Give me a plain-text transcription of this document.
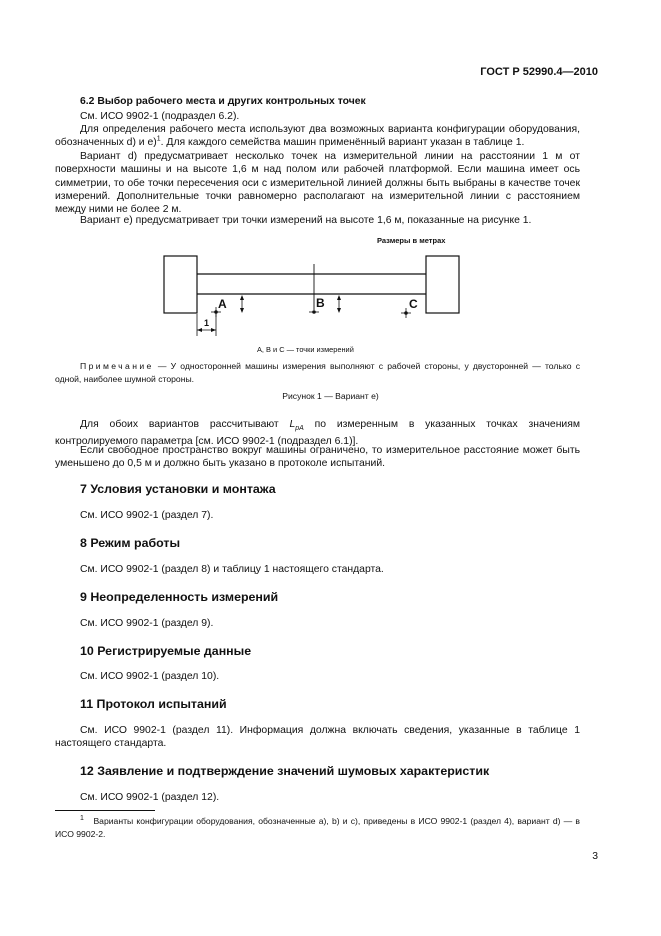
ГОСТ Р 52990.4—2010
6.2 Выбор рабочего места и других контрольных точек
См. ИСО 9902-1 (подраздел 6.2).
Для определения рабочего места используют два возможных варианта конфигурации оборудования, обозначенных d) и e)$^1$. Для каждого семейства машин применённый вариант указан в таблице 1.
Вариант d) предусматривает несколько точек на измерительной линии на расстоянии 1 м от поверхности машины и на высоте 1,6 м над полом или рабочей платформой. Если машина имеет ось симметрии, то обе точки пересечения оси с измерительной линией должны быть выбраны в качестве точек измерений. Дополнительные точки равномерно располагают на измерительной линии с расстоянием между ними не более 2 м.
Вариант e) предусматривает три точки измерений на высоте 1,6 м, показанные на рисунке 1.
Размеры в метрах
A	B	C
1
A, B и C — точки измерений
Примечание — У односторонней машины измерения выполняют с рабочей стороны, у двусторонней — только с одной, наиболее шумной стороны.
Рисунок 1 — Вариант e)
Для обоих вариантов рассчитывают $L_{pA}$ по измеренным в указанных точках значениям контролируемого параметра [см. ИСО 9902-1 (подраздел 6.1)].
Если свободное пространство вокруг машины ограничено, то измерительное расстояние может быть уменьшено до 0,5 м и должно быть указано в протоколе испытаний.
7 Условия установки и монтажа
См. ИСО 9902-1 (раздел 7).
8 Режим работы
См. ИСО 9902-1 (раздел 8) и таблицу 1 настоящего стандарта.
9 Неопределенность измерений
См. ИСО 9902-1 (раздел 9).
10 Регистрируемые данные
См. ИСО 9902-1 (раздел 10).
11 Протокол испытаний
См. ИСО 9902-1 (раздел 11). Информация должна включать сведения, указанные в таблице 1 настоящего стандарта.
12 Заявление и подтверждение значений шумовых характеристик
См. ИСО 9902-1 (раздел 12).
$^1$ Варианты конфигурации оборудования, обозначенные a), b) и c), приведены в ИСО 9902-1 (раздел 4), вариант d) — в ИСО 9902-2.
3
